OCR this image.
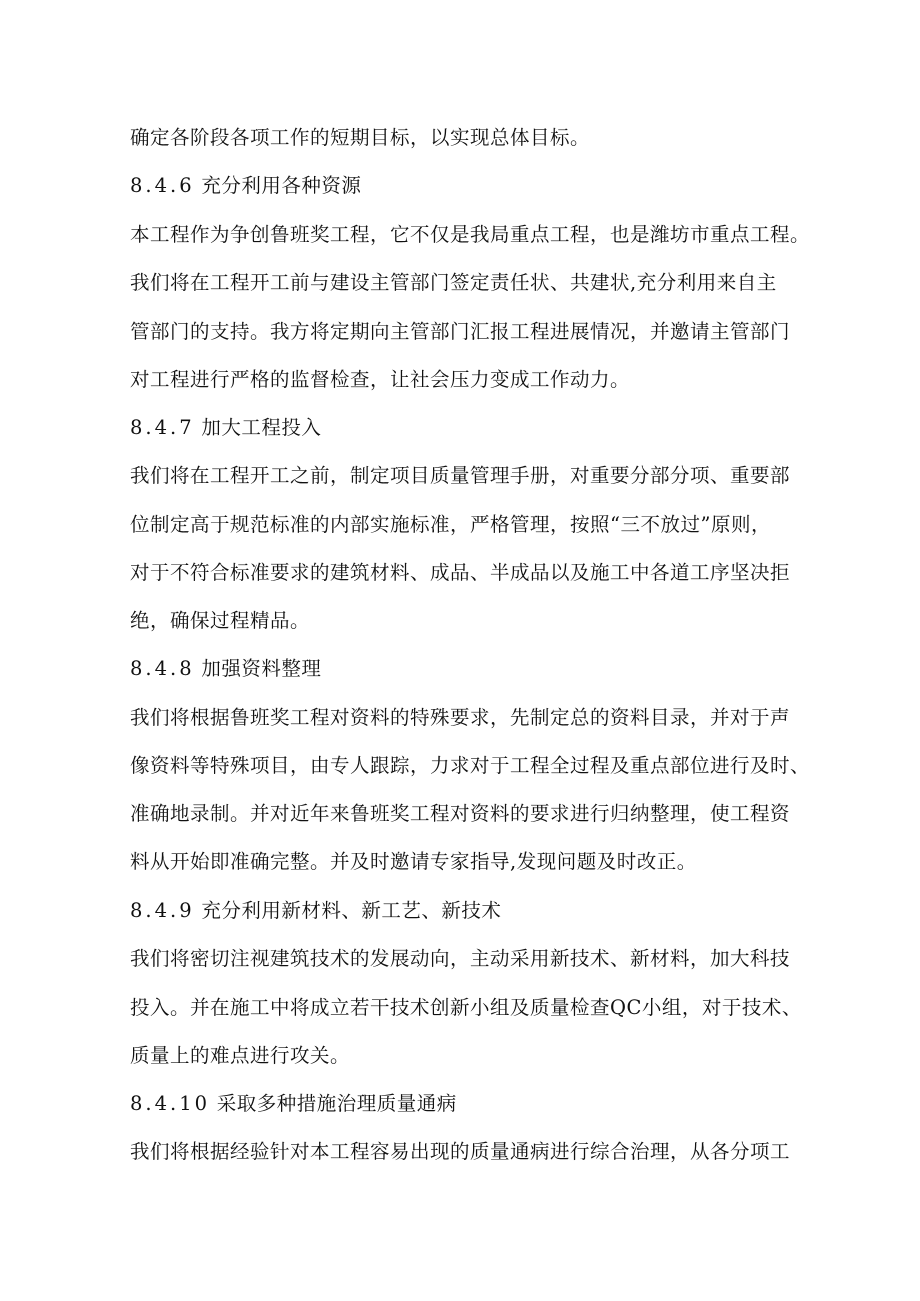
确定各阶段各项工作的短期目标，以实现总体目标。
8.4.6 充分利用各种资源
本工程作为争创鲁班奖工程，它不仅是我局重点工程，也是潍坊市重点工程。
我们将在工程开工前与建设主管部门签定责任状、共建状,充分利用来自主
管部门的支持。我方将定期向主管部门汇报工程进展情况，并邀请主管部门
对工程进行严格的监督检查，让社会压力变成工作动力。
8.4.7 加大工程投入
我们将在工程开工之前，制定项目质量管理手册，对重要分部分项、重要部
位制定高于规范标准的内部实施标准，严格管理，按照“三不放过”原则，
对于不符合标准要求的建筑材料、成品、半成品以及施工中各道工序坚决拒
绝，确保过程精品。
8.4.8 加强资料整理
我们将根据鲁班奖工程对资料的特殊要求，先制定总的资料目录，并对于声
像资料等特殊项目，由专人跟踪，力求对于工程全过程及重点部位进行及时、
准确地录制。并对近年来鲁班奖工程对资料的要求进行归纳整理，使工程资
料从开始即准确完整。并及时邀请专家指导,发现问题及时改正。
8.4.9 充分利用新材料、新工艺、新技术
我们将密切注视建筑技术的发展动向，主动采用新技术、新材料，加大科技
投入。并在施工中将成立若干技术创新小组及质量检查QC小组，对于技术、
质量上的难点进行攻关。
8.4.10 采取多种措施治理质量通病
我们将根据经验针对本工程容易出现的质量通病进行综合治理，从各分项工
